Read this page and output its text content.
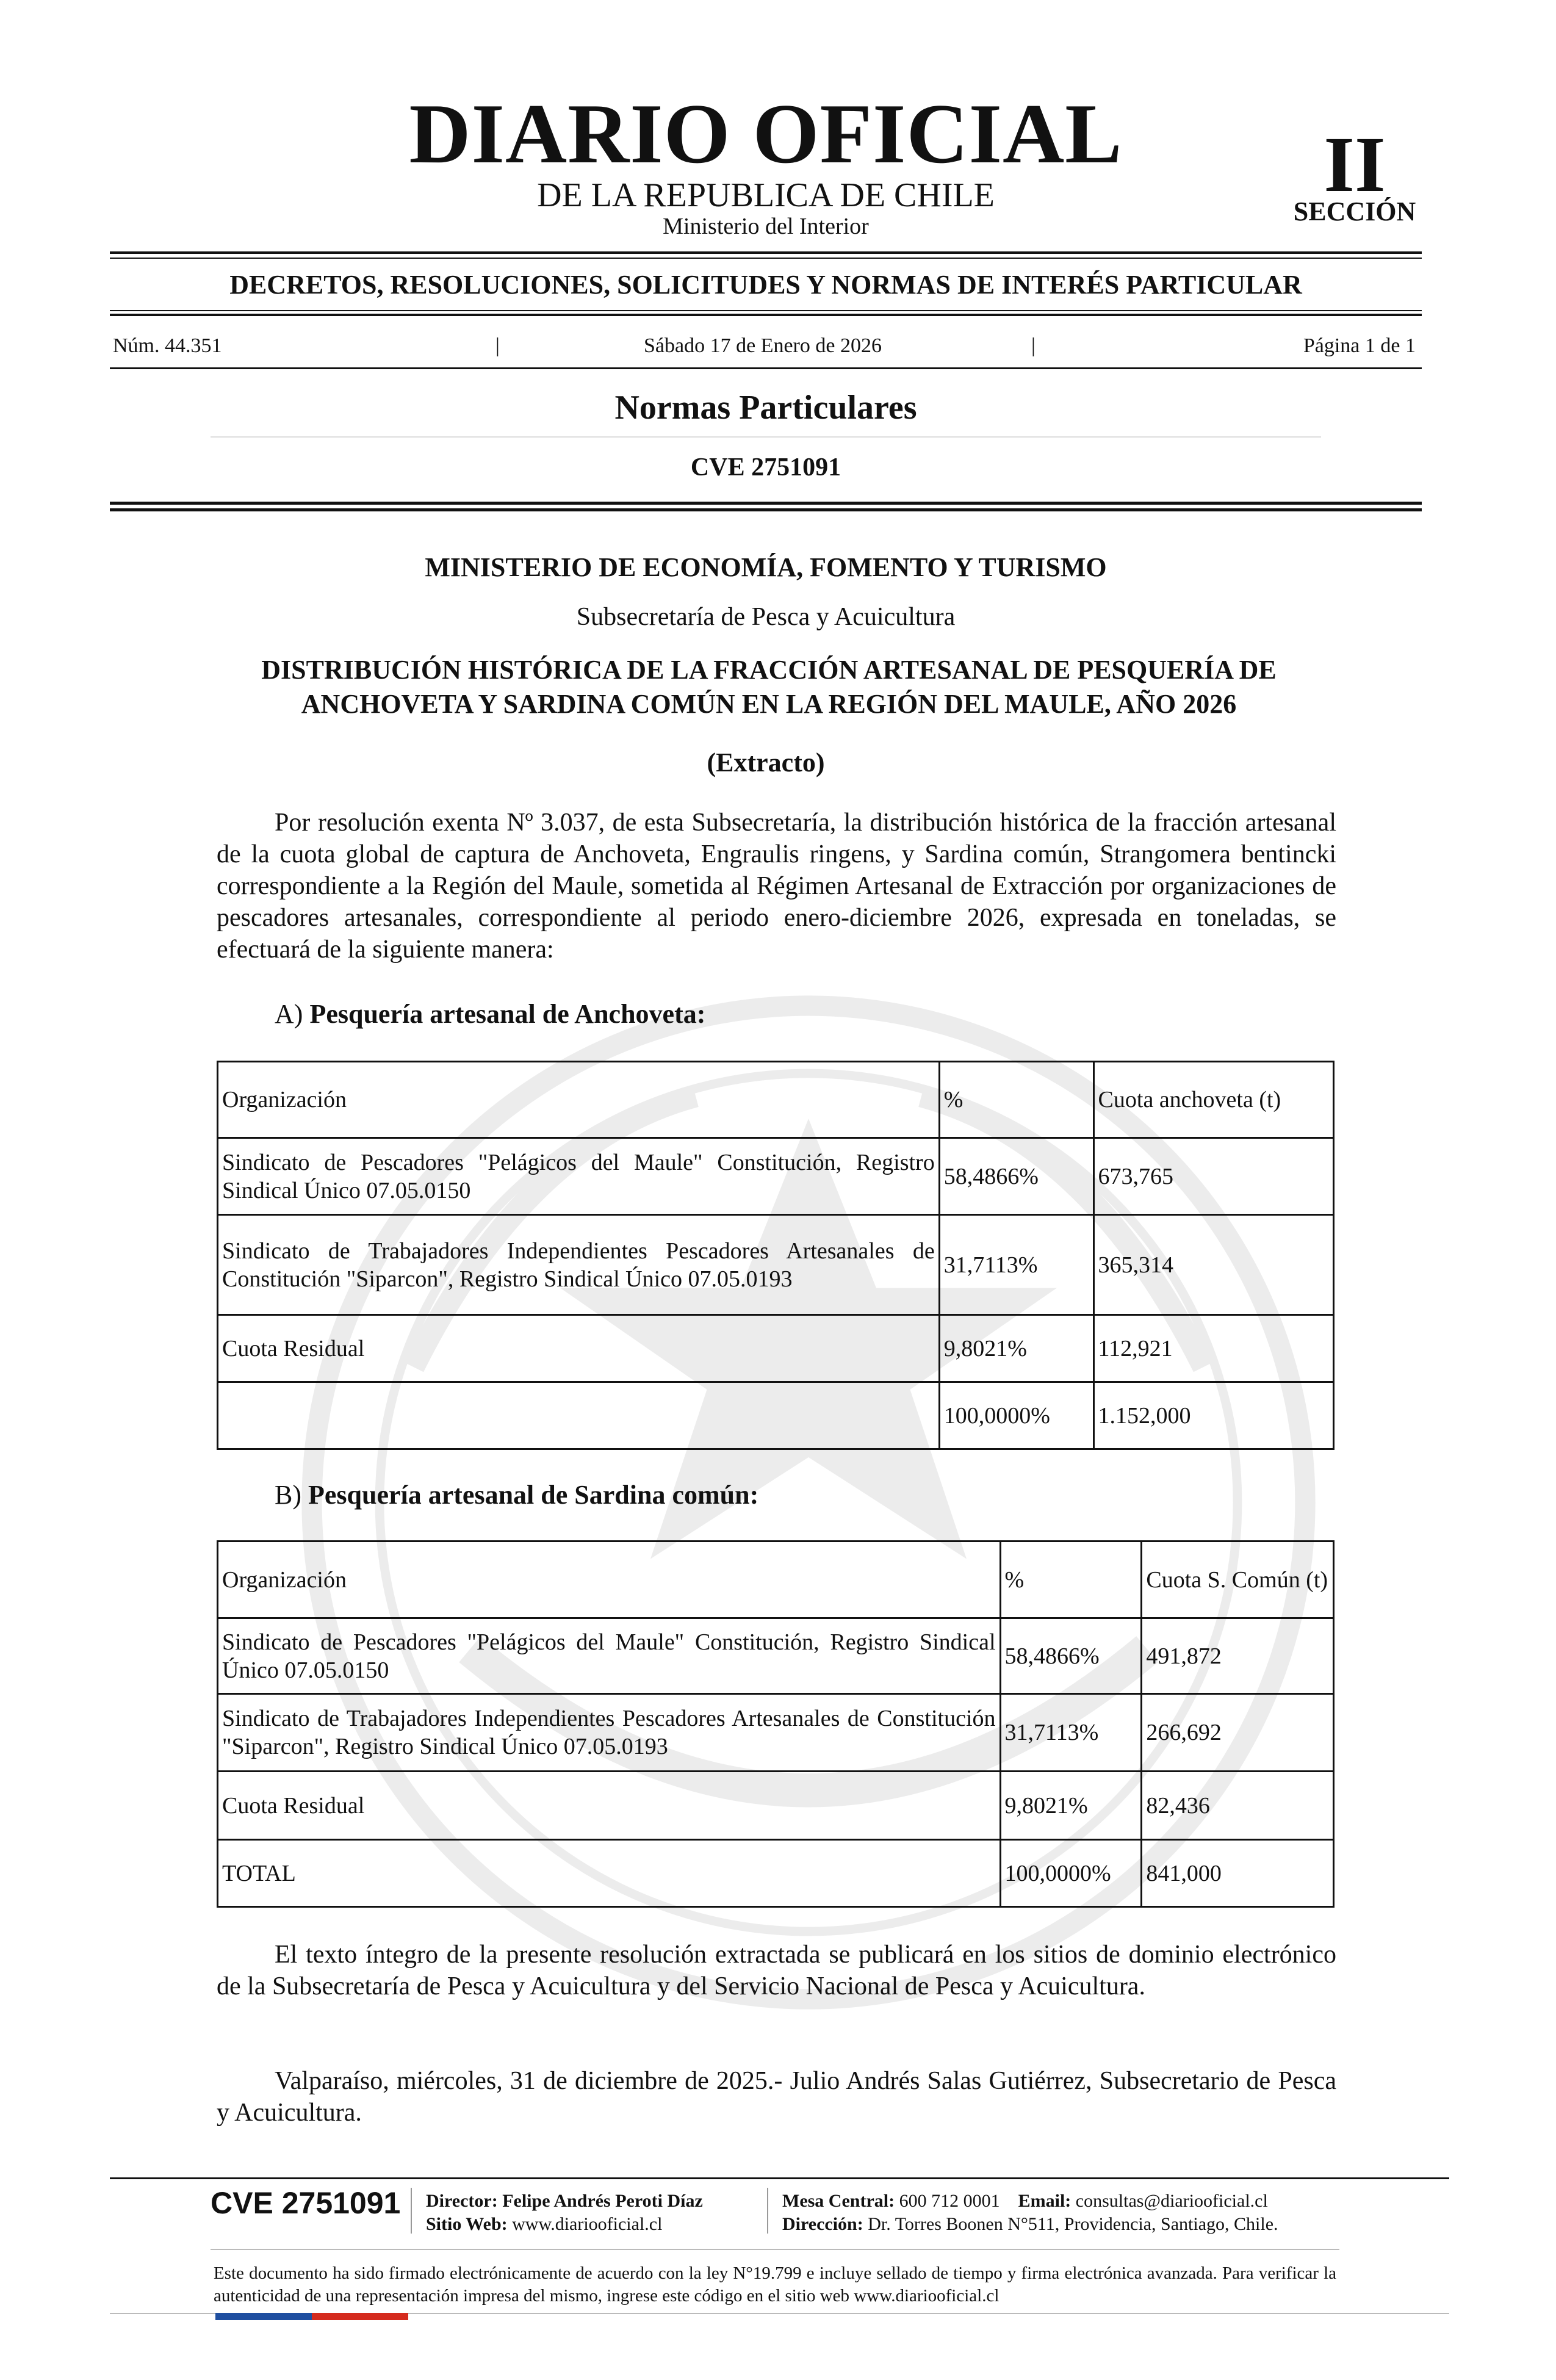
DIARIO OFICIAL
DE LA REPUBLICA DE CHILE
Ministerio del Interior
II
SECCIÓN
DECRETOS, RESOLUCIONES, SOLICITUDES Y NORMAS DE INTERÉS PARTICULAR
Núm. 44.351	|	Sábado 17 de Enero de 2026	|	Página 1 de 1
Normas Particulares
CVE 2751091
MINISTERIO DE ECONOMÍA, FOMENTO Y TURISMO
Subsecretaría de Pesca y Acuicultura
DISTRIBUCIÓN HISTÓRICA DE LA FRACCIÓN ARTESANAL DE PESQUERÍA DE ANCHOVETA Y SARDINA COMÚN EN LA REGIÓN DEL MAULE, AÑO 2026
(Extracto)
Por resolución exenta Nº 3.037, de esta Subsecretaría, la distribución histórica de la fracción artesanal de la cuota global de captura de Anchoveta, Engraulis ringens, y Sardina común, Strangomera bentincki correspondiente a la Región del Maule, sometida al Régimen Artesanal de Extracción por organizaciones de pescadores artesanales, correspondiente al periodo enero-diciembre 2026, expresada en toneladas, se efectuará de la siguiente manera:
A) Pesquería artesanal de Anchoveta:
Organización	%	Cuota anchoveta (t)
Sindicato de Pescadores "Pelágicos del Maule" Constitución, Registro Sindical Único 07.05.0150	58,4866%	673,765
Sindicato de Trabajadores Independientes Pescadores Artesanales de Constitución "Siparcon", Registro Sindical Único 07.05.0193	31,7113%	365,314
Cuota Residual	9,8021%	112,921
	100,0000%	1.152,000
B) Pesquería artesanal de Sardina común:
Organización	%	Cuota S. Común (t)
Sindicato de Pescadores "Pelágicos del Maule" Constitución, Registro Sindical Único 07.05.0150	58,4866%	491,872
Sindicato de Trabajadores Independientes Pescadores Artesanales de Constitución "Siparcon", Registro Sindical Único 07.05.0193	31,7113%	266,692
Cuota Residual	9,8021%	82,436
TOTAL	100,0000%	841,000
El texto íntegro de la presente resolución extractada se publicará en los sitios de dominio electrónico de la Subsecretaría de Pesca y Acuicultura y del Servicio Nacional de Pesca y Acuicultura.
Valparaíso, miércoles, 31 de diciembre de 2025.- Julio Andrés Salas Gutiérrez, Subsecretario de Pesca y Acuicultura.
CVE 2751091 Director: Felipe Andrés Peroti Díaz
Sitio Web: www.diariooficial.cl
Mesa Central: 600 712 0001 Email: consultas@diariooficial.cl
Dirección: Dr. Torres Boonen N°511, Providencia, Santiago, Chile.
Este documento ha sido firmado electrónicamente de acuerdo con la ley N°19.799 e incluye sellado de tiempo y firma electrónica avanzada. Para verificar la autenticidad de una representación impresa del mismo, ingrese este código en el sitio web www.diariooficial.cl
